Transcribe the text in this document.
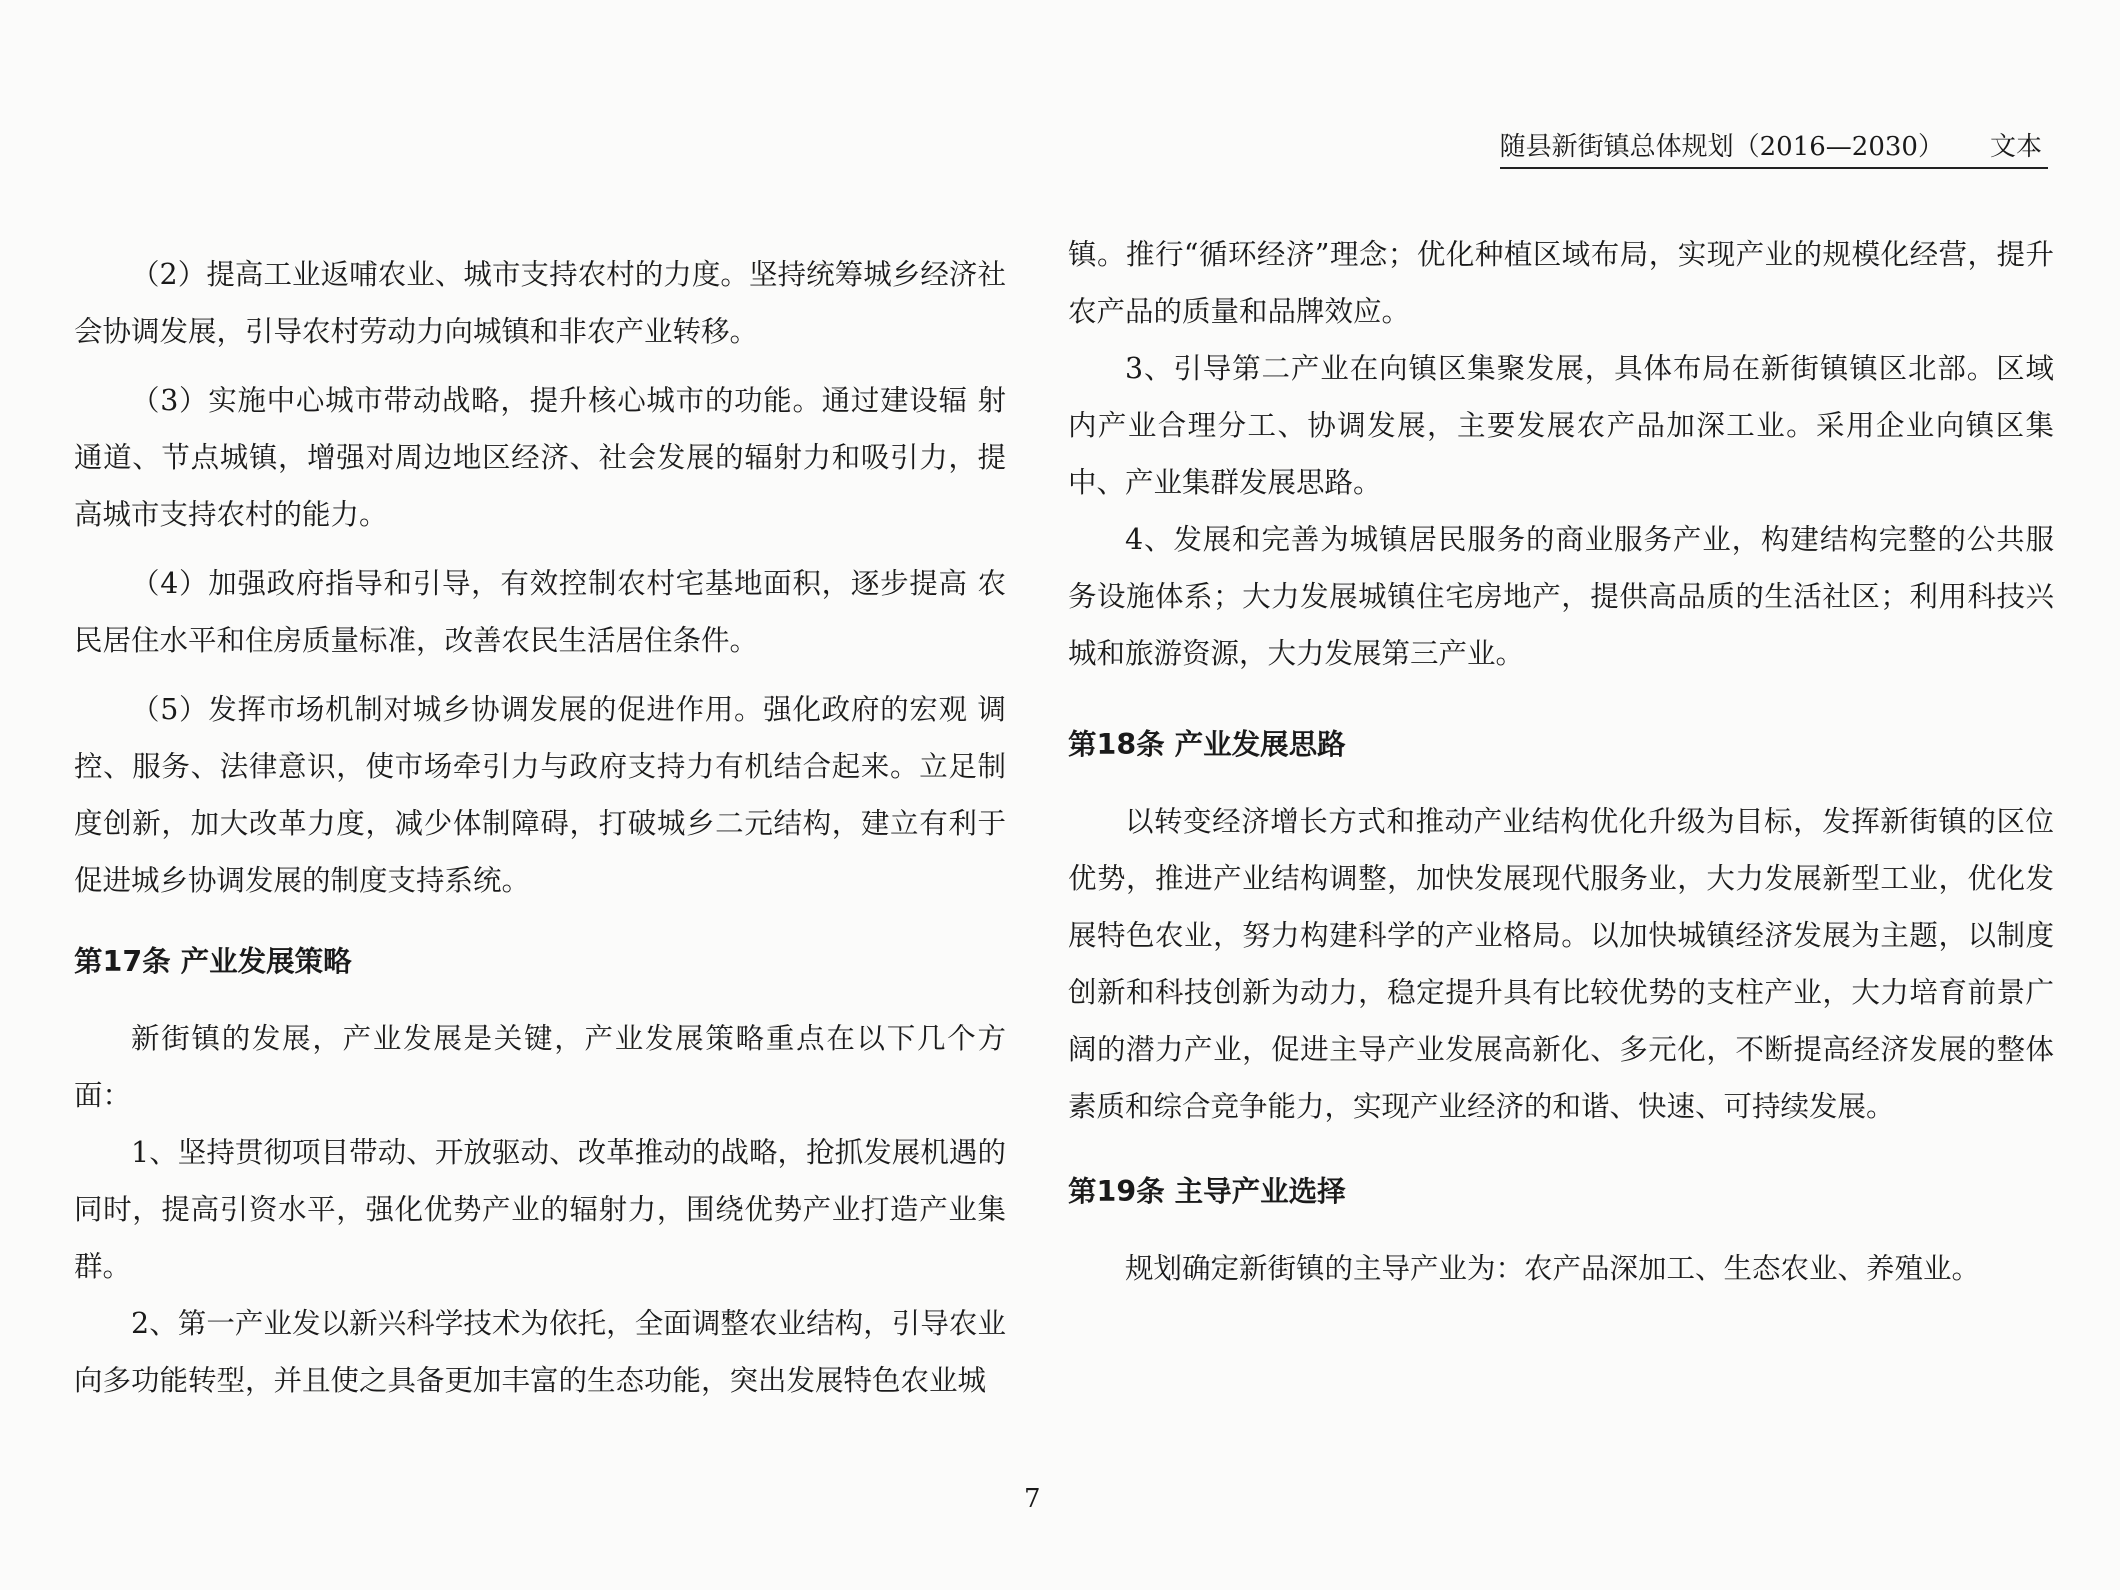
随县新街镇总体规划（2016—2030） 文本

（2）提高工业返哺农业、城市支持农村的力度。坚持统筹城乡经济社会协调发展，引导农村劳动力向城镇和非农产业转移。

（3）实施中心城市带动战略，提升核心城市的功能。通过建设辐 射通道、节点城镇，增强对周边地区经济、社会发展的辐射力和吸引力，提高城市支持农村的能力。

（4）加强政府指导和引导，有效控制农村宅基地面积，逐步提高 农民居住水平和住房质量标准，改善农民生活居住条件。

（5）发挥市场机制对城乡协调发展的促进作用。强化政府的宏观 调控、服务、法律意识，使市场牵引力与政府支持力有机结合起来。立足制度创新，加大改革力度，减少体制障碍，打破城乡二元结构，建立有利于促进城乡协调发展的制度支持系统。

第17条 产业发展策略

新街镇的发展，产业发展是关键，产业发展策略重点在以下几个方面：

1、坚持贯彻项目带动、开放驱动、改革推动的战略，抢抓发展机遇的同时，提高引资水平，强化优势产业的辐射力，围绕优势产业打造产业集群。

2、第一产业发以新兴科学技术为依托，全面调整农业结构，引导农业向多功能转型，并且使之具备更加丰富的生态功能，突出发展特色农业城

镇。推行“循环经济”理念；优化种植区域布局，实现产业的规模化经营，提升农产品的质量和品牌效应。

3、引导第二产业在向镇区集聚发展，具体布局在新街镇镇区北部。区域内产业合理分工、协调发展，主要发展农产品加深工业。采用企业向镇区集中、产业集群发展思路。

4、发展和完善为城镇居民服务的商业服务产业，构建结构完整的公共服务设施体系；大力发展城镇住宅房地产，提供高品质的生活社区；利用科技兴城和旅游资源，大力发展第三产业。

第18条 产业发展思路

以转变经济增长方式和推动产业结构优化升级为目标，发挥新街镇的区位优势，推进产业结构调整，加快发展现代服务业，大力发展新型工业，优化发展特色农业，努力构建科学的产业格局。以加快城镇经济发展为主题，以制度创新和科技创新为动力，稳定提升具有比较优势的支柱产业，大力培育前景广阔的潜力产业，促进主导产业发展高新化、多元化，不断提高经济发展的整体素质和综合竞争能力，实现产业经济的和谐、快速、可持续发展。

第19条 主导产业选择

规划确定新街镇的主导产业为：农产品深加工、生态农业、养殖业。

7
